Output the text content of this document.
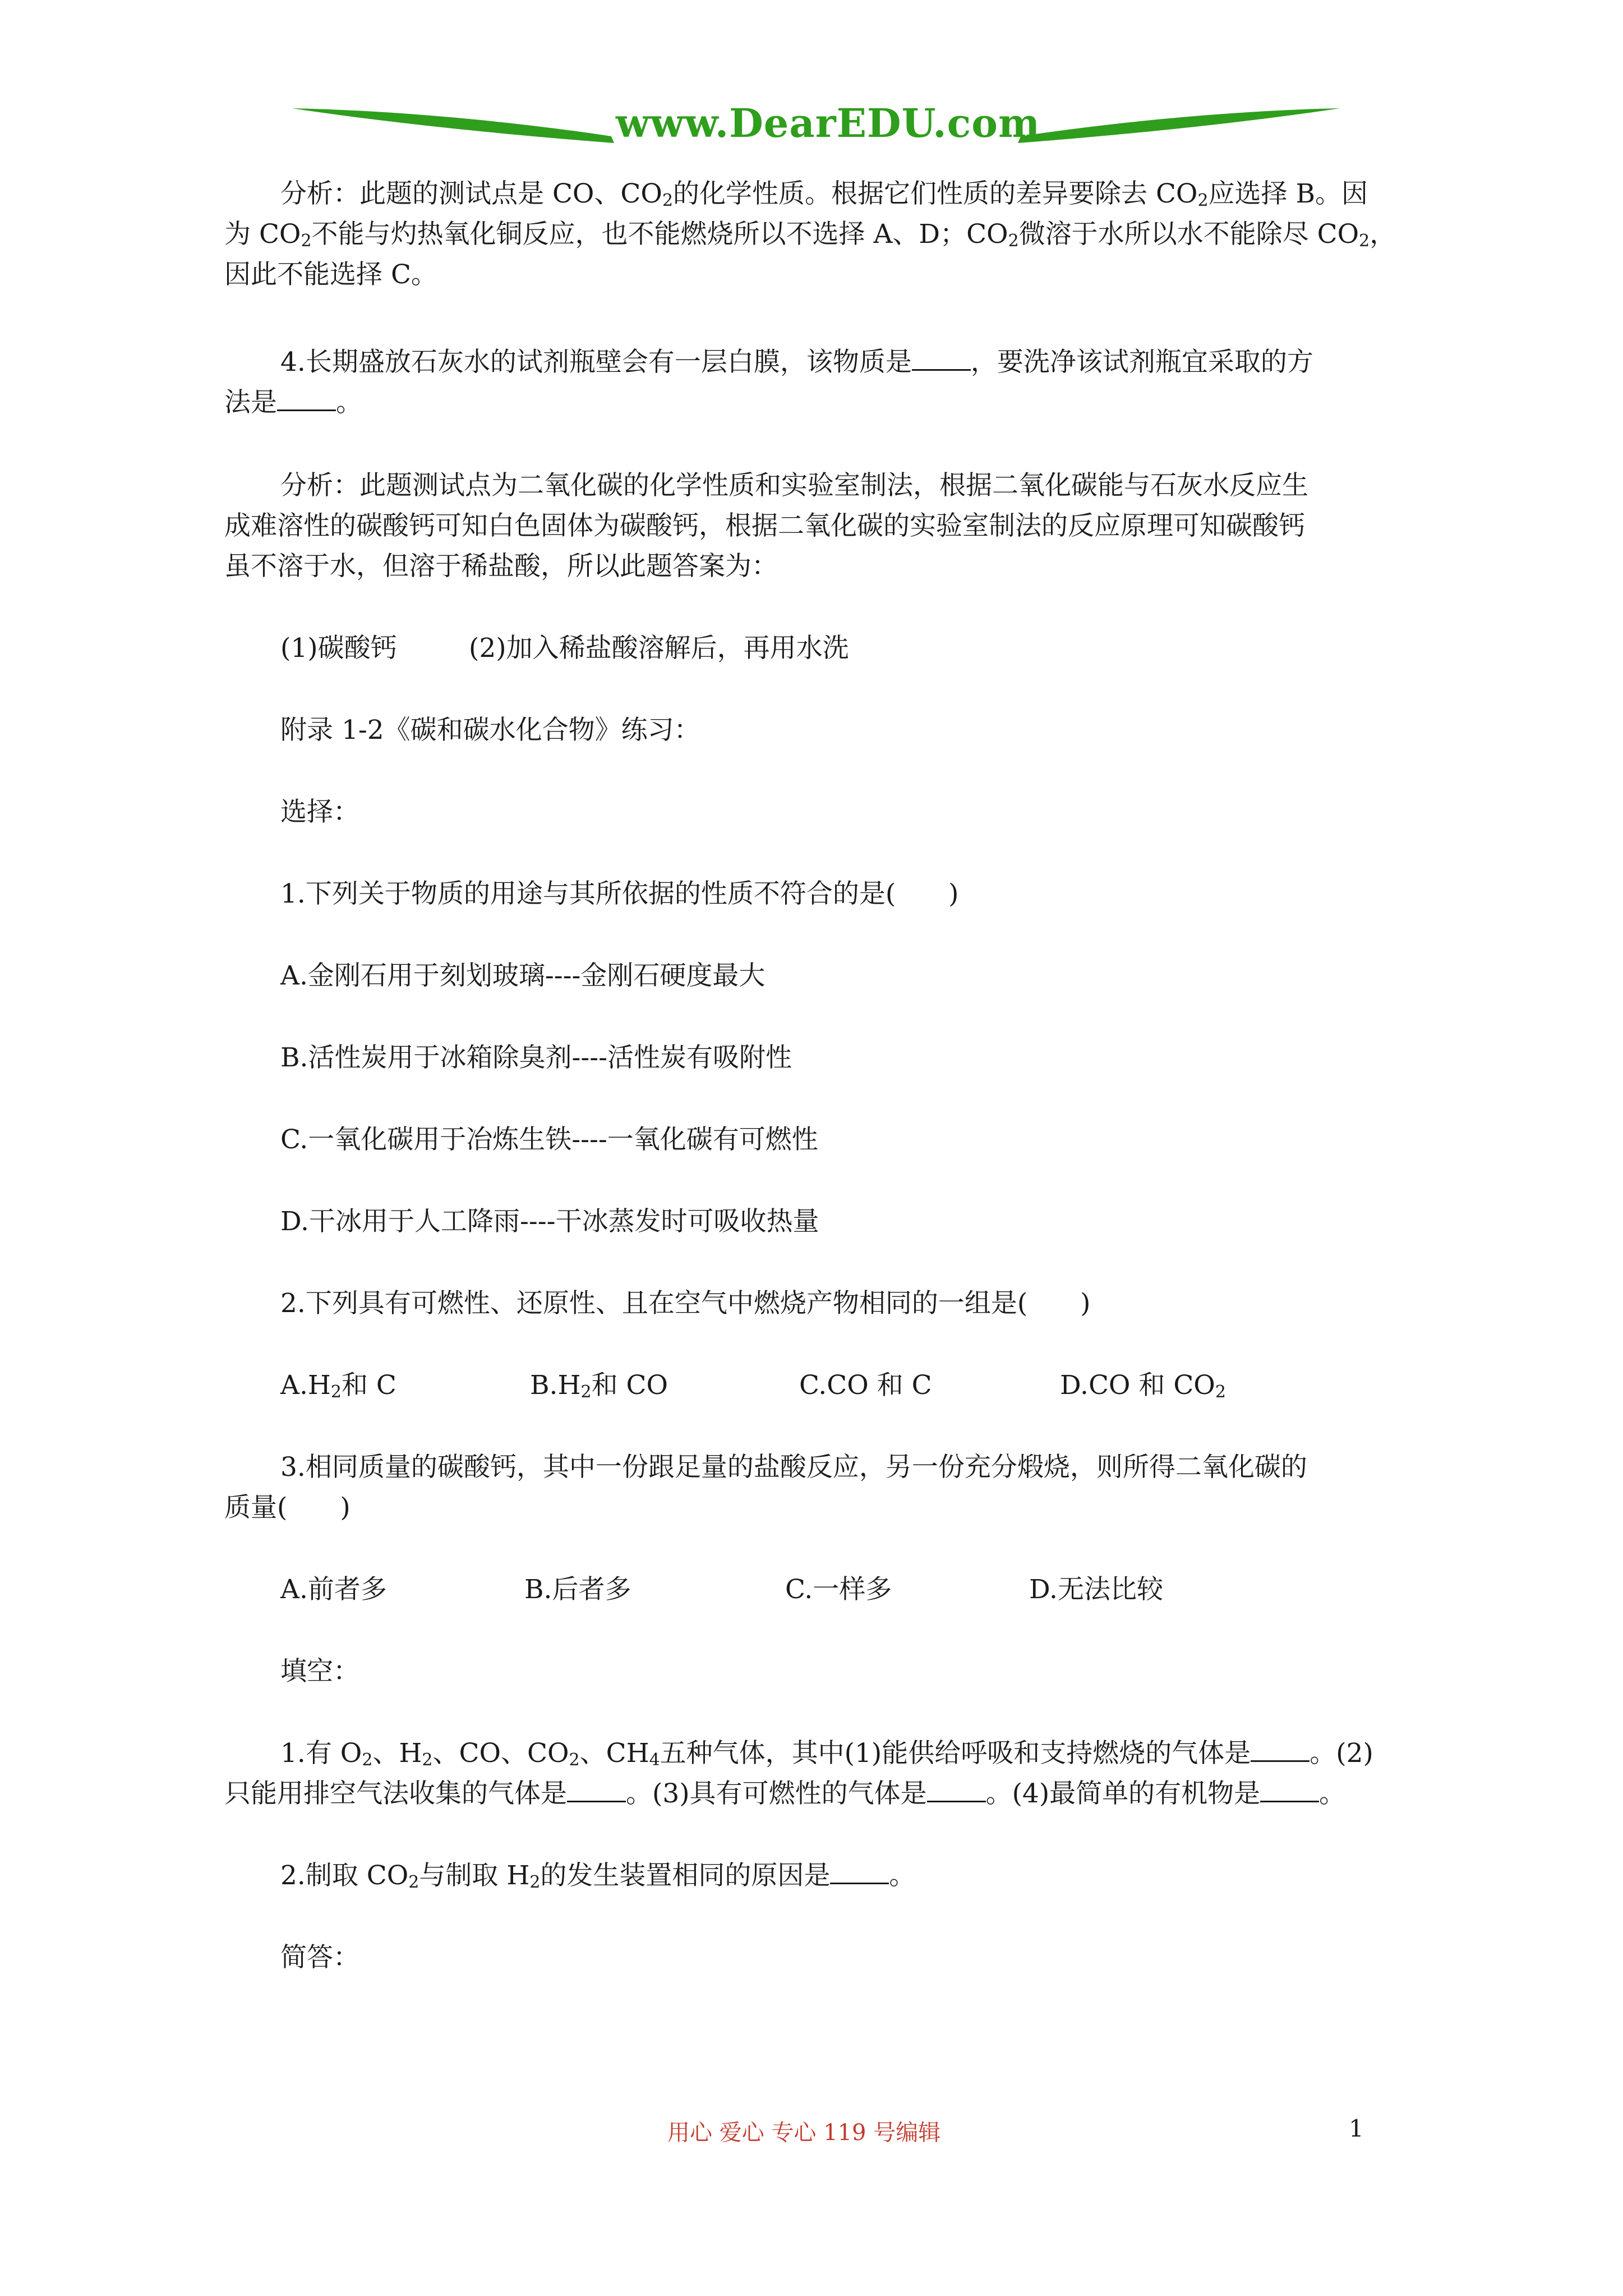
www.DearEDU.com

分析：此题的测试点是 CO、$CO_2$的化学性质。根据它们性质的差异要除去 $CO_2$应选择 B。因

为 $CO_2$不能与灼热氧化铜反应，也不能燃烧所以不选择 A、D；$CO_2$微溶于水所以水不能除尽 $CO_2$，

因此不能选择 C。

4.长期盛放石灰水的试剂瓶壁会有一层白膜，该物质是 ，要洗净该试剂瓶宜采取的方

法是 。

分析：此题测试点为二氧化碳的化学性质和实验室制法，根据二氧化碳能与石灰水反应生

成难溶性的碳酸钙可知白色固体为碳酸钙，根据二氧化碳的实验室制法的反应原理可知碳酸钙

虽不溶于水，但溶于稀盐酸，所以此题答案为：

(1)碳酸钙	(2)加入稀盐酸溶解后，再用水洗
附录 1-2《碳和碳水化合物》练习：
选择：
1.下列关于物质的用途与其所依据的性质不符合的是(　　)
A.金刚石用于刻划玻璃----金刚石硬度最大
B.活性炭用于冰箱除臭剂----活性炭有吸附性
C.一氧化碳用于冶炼生铁----一氧化碳有可燃性
D.干冰用于人工降雨----干冰蒸发时可吸收热量
2.下列具有可燃性、还原性、且在空气中燃烧产物相同的一组是(　　)
$A.H_2$和 C	$B.H_2$和 CO	C.CO 和 C	D.CO 和 $CO_2$
3.相同质量的碳酸钙，其中一份跟足量的盐酸反应，另一份充分煅烧，则所得二氧化碳的
质量(　　)
A.前者多	B.后者多	C.一样多	D.无法比较
填空：
1.有 $O_2$、$H_2$、CO、$CO_2$、$CH_4$五种气体，其中(1)能供给呼吸和支持燃烧的气体是 。(2)
只能用排空气法收集的气体是 。(3)具有可燃性的气体是 。(4)最简单的有机物是 。
2.制取 $CO_2$与制取 $H_2$的发生装置相同的原因是 。
简答：
用心 爱心 专心 119 号编辑	1
